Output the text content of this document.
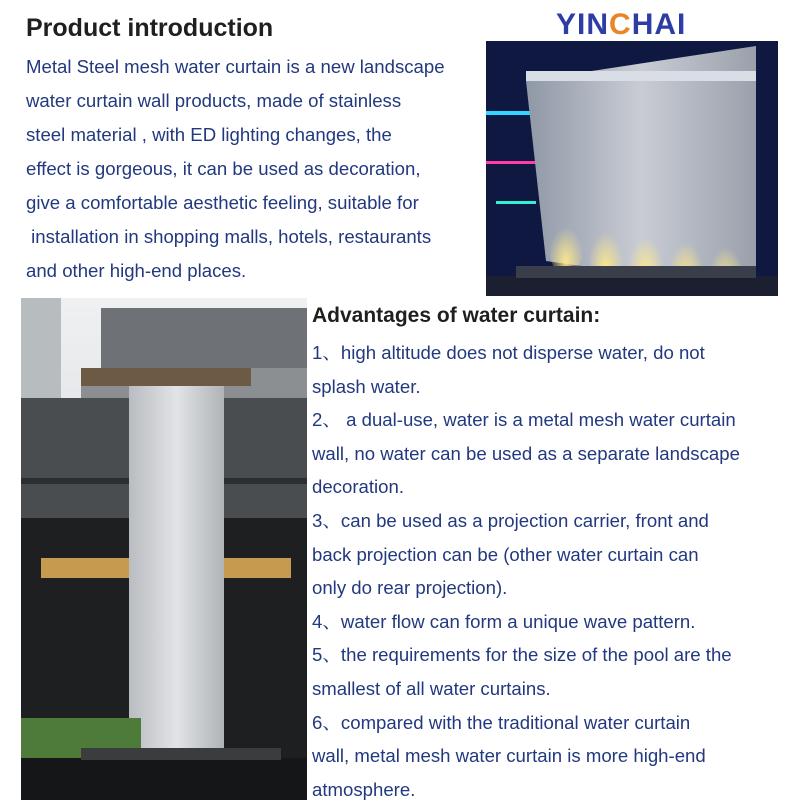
YINCHAI
Product introduction
Metal Steel mesh water curtain is a new landscape
water curtain wall products, made of stainless
steel material , with ED lighting changes, the
effect is gorgeous, it can be used as decoration,
give a comfortable aesthetic feeling, suitable for
installation in shopping malls, hotels, restaurants
and other high-end places.
Advantages of water curtain:
1、high altitude does not disperse water, do not
splash water.
2、 a dual-use, water is a metal mesh water curtain
wall, no water can be used as a separate landscape
decoration.
3、can be used as a projection carrier, front and
back projection can be (other water curtain can
only do rear projection).
4、water flow can form a unique wave pattern.
5、the requirements for the size of the pool are the
smallest of all water curtains.
6、compared with the traditional water curtain
wall, metal mesh water curtain is more high-end
atmosphere.
